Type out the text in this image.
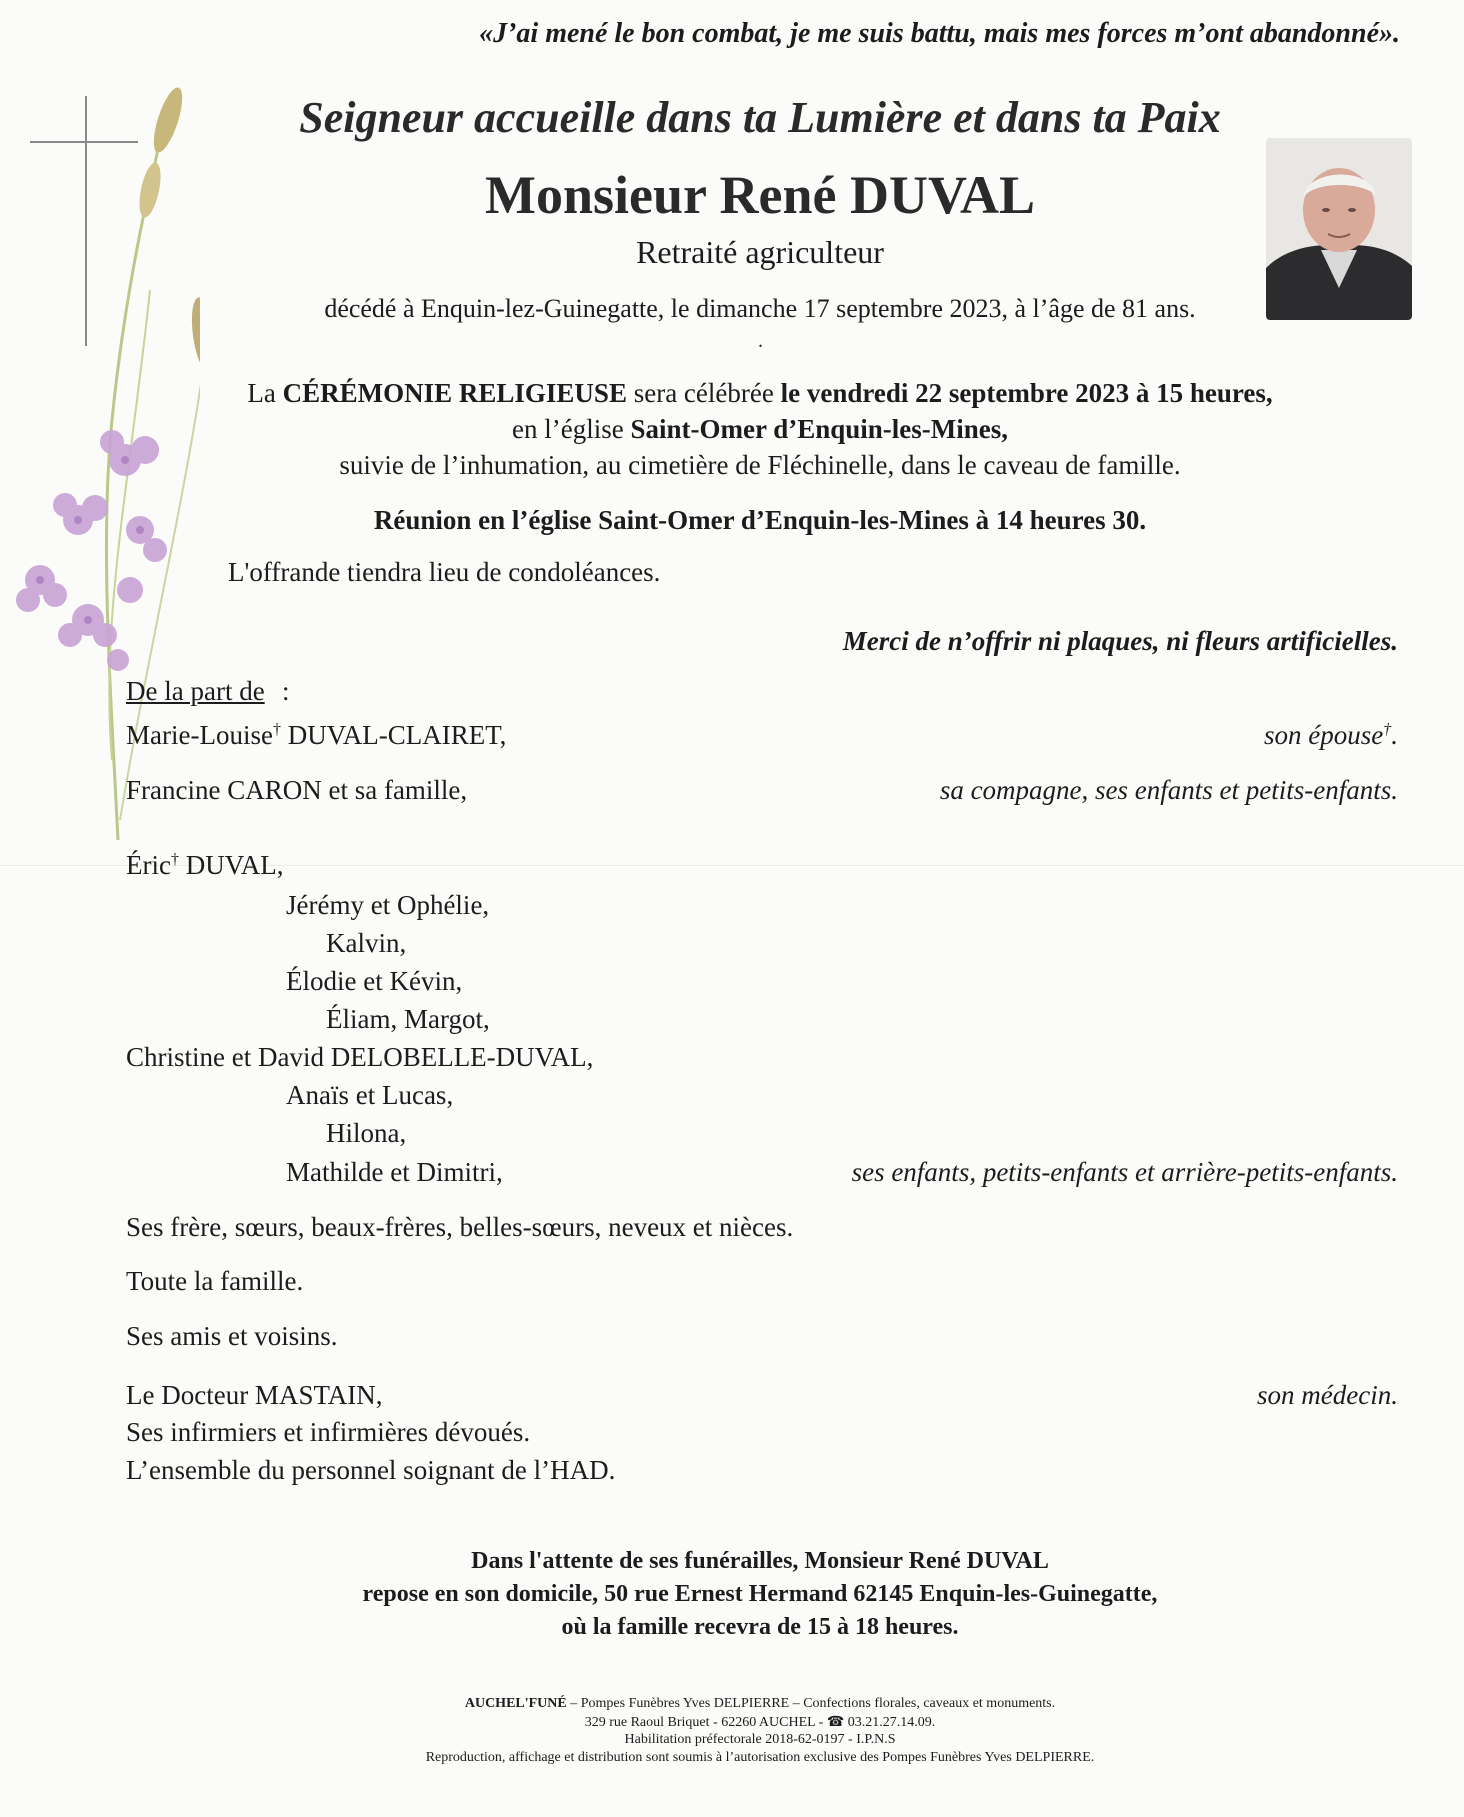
«J’ai mené le bon combat, je me suis battu, mais mes forces m’ont abandonné».
Seigneur accueille dans ta Lumière et dans ta Paix
Monsieur René DUVAL
Retraité agriculteur
décédé à Enquin-lez-Guinegatte, le dimanche 17 septembre 2023, à l’âge de 81 ans.
.
La CÉRÉMONIE RELIGIEUSE sera célébrée le vendredi 22 septembre 2023 à 15 heures,
en l’église Saint-Omer d’Enquin-les-Mines,
suivie de l’inhumation, au cimetière de Fléchinelle, dans le caveau de famille.
Réunion en l’église Saint-Omer d’Enquin-les-Mines à 14 heures 30.
L'offrande tiendra lieu de condoléances.
Merci de n’offrir ni plaques, ni fleurs artificielles.
De la part de :
Marie-Louise† DUVAL-CLAIRET,	son épouse†.
Francine CARON et sa famille,	sa compagne, ses enfants et petits-enfants.
Éric† DUVAL,
Jérémy et Ophélie,
Kalvin,
Élodie et Kévin,
Éliam, Margot,
Christine et David DELOBELLE-DUVAL,
Anaïs et Lucas,
Hilona,
Mathilde et Dimitri,	ses enfants, petits-enfants et arrière-petits-enfants.
Ses frère, sœurs, beaux-frères, belles-sœurs, neveux et nièces.
Toute la famille.
Ses amis et voisins.
Le Docteur MASTAIN,	son médecin.
Ses infirmiers et infirmières dévoués.
L’ensemble du personnel soignant de l’HAD.
Dans l'attente de ses funérailles, Monsieur René DUVAL
repose en son domicile, 50 rue Ernest Hermand 62145 Enquin-les-Guinegatte,
où la famille recevra de 15 à 18 heures.
AUCHEL'FUNÉ – Pompes Funèbres Yves DELPIERRE – Confections florales, caveaux et monuments.
329 rue Raoul Briquet - 62260 AUCHEL - ☎ 03.21.27.14.09.
Habilitation préfectorale 2018-62-0197 - I.P.N.S
Reproduction, affichage et distribution sont soumis à l’autorisation exclusive des Pompes Funèbres Yves DELPIERRE.
